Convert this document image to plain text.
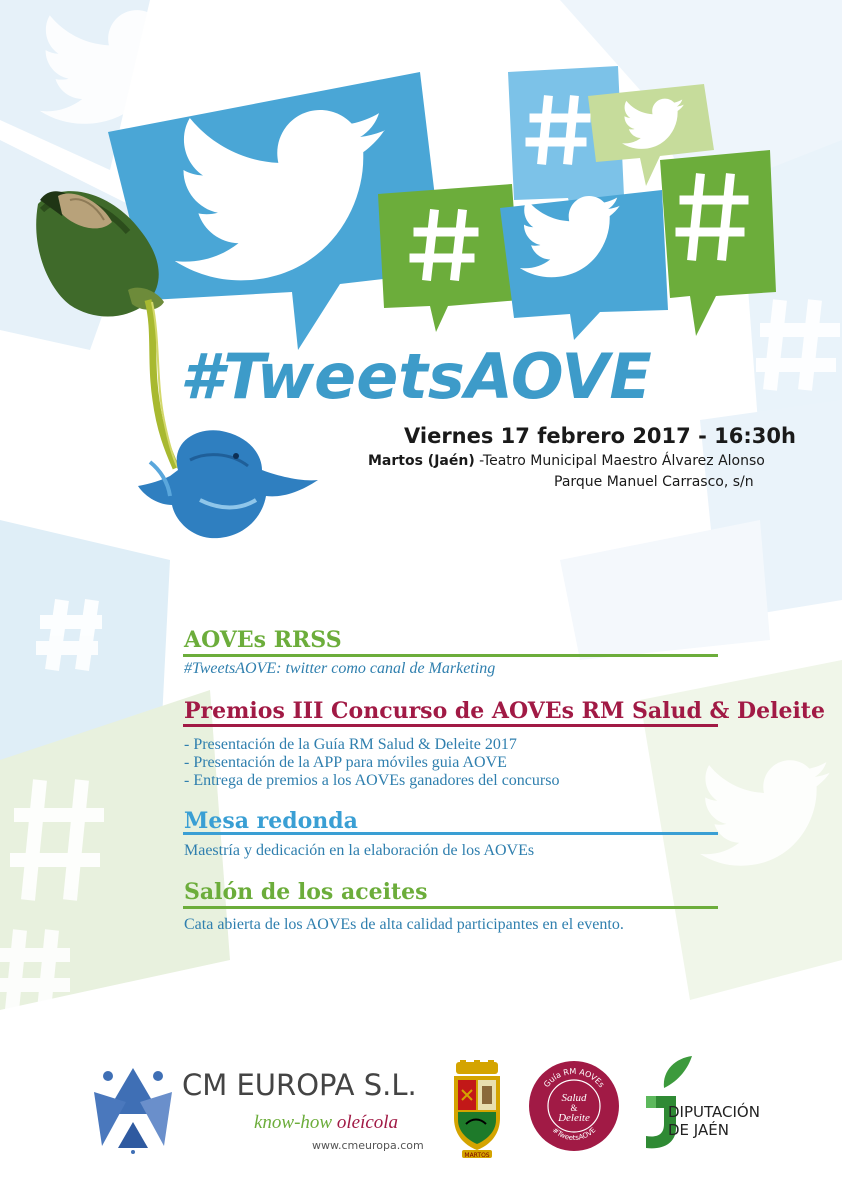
#TweetsAOVE
Viernes 17 febrero 2017 - 16:30h
Martos (Jaén) -Teatro Municipal Maestro Álvarez Alonso
Parque Manuel Carrasco, s/n
AOVEs RRSS
#TweetsAOVE: twitter como canal de Marketing
Premios III Concurso de AOVEs RM Salud & Deleite
- Presentación de la Guía RM Salud & Deleite 2017
- Presentación de la APP para móviles guia AOVE
- Entrega de premios a los AOVEs ganadores del concurso
Mesa redonda
Maestría y dedicación en la elaboración de los AOVEs
Salón de los aceites
Cata abierta de los AOVEs de alta calidad participantes en el evento.
CM EUROPA S.L.
know-how oleícola
www.cmeuropa.com
MARTOS
Guía RM AOVEs
#TweetsAOVE
Salud
&
Deleite	DIPUTACIÓN
DE JAÉN
